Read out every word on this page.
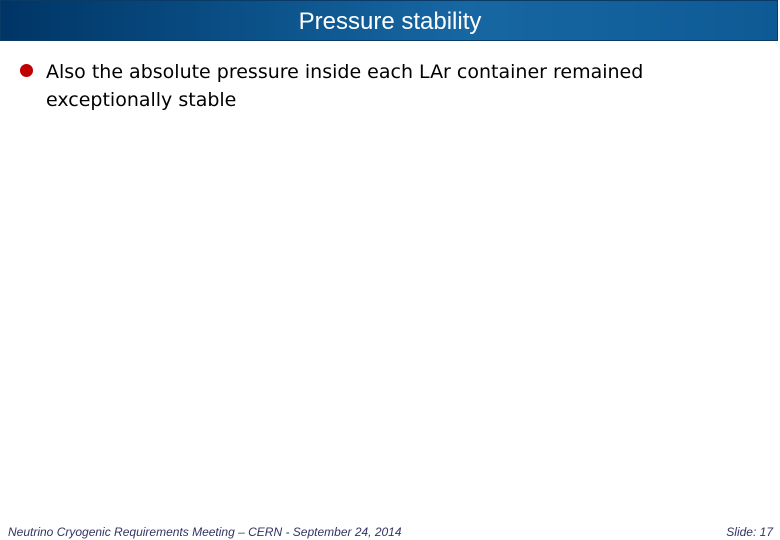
Pressure stability
Also the absolute pressure inside each LAr container remained exceptionally stable
Neutrino Cryogenic Requirements Meeting – CERN - September 24, 2014	Slide: 17
